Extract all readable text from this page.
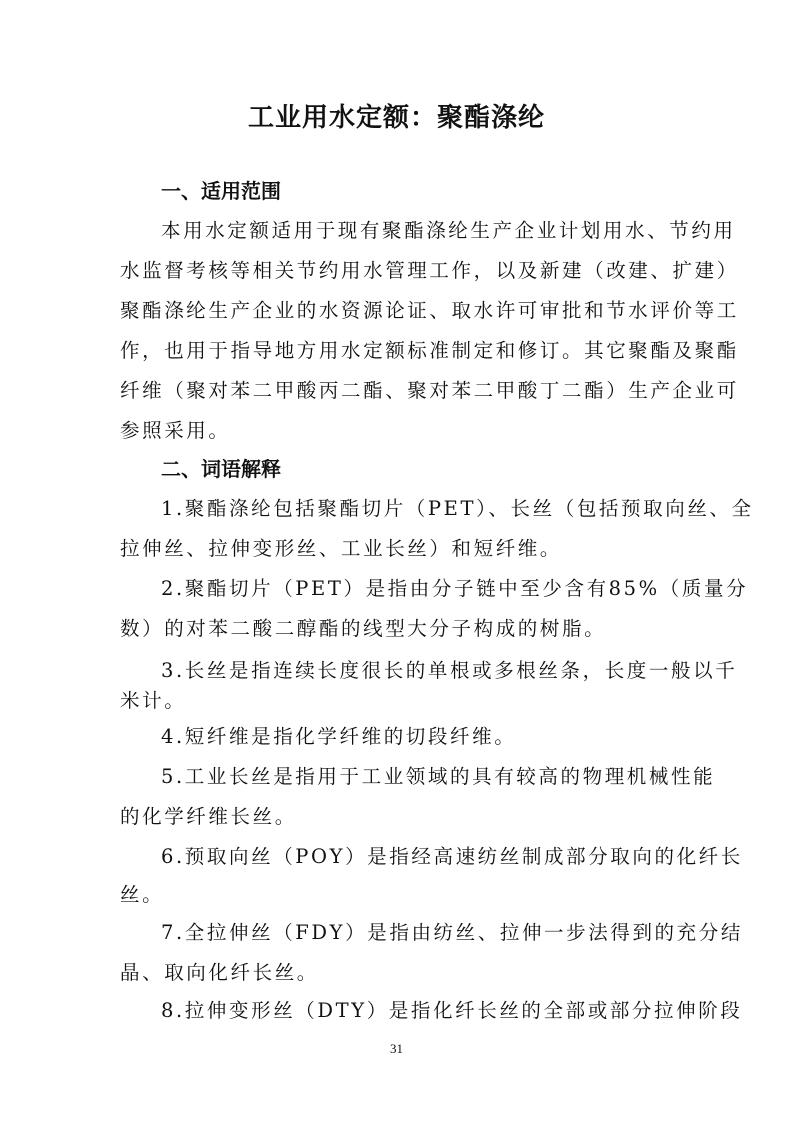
工业用水定额：聚酯涤纶
一、适用范围

本用水定额适用于现有聚酯涤纶生产企业计划用水、节约用

水监督考核等相关节约用水管理工作，以及新建（改建、扩建）

聚酯涤纶生产企业的水资源论证、取水许可审批和节水评价等工

作，也用于指导地方用水定额标准制定和修订。其它聚酯及聚酯

纤维（聚对苯二甲酸丙二酯、聚对苯二甲酸丁二酯）生产企业可

参照采用。

二、词语解释

1.聚酯涤纶包括聚酯切片（PET）、长丝（包括预取向丝、全

拉伸丝、拉伸变形丝、工业长丝）和短纤维。

2.聚酯切片（PET）是指由分子链中至少含有85%（质量分

数）的对苯二酸二醇酯的线型大分子构成的树脂。

3.长丝是指连续长度很长的单根或多根丝条，长度一般以千

米计。

4.短纤维是指化学纤维的切段纤维。

5.工业长丝是指用于工业领域的具有较高的物理机械性能

的化学纤维长丝。

6.预取向丝（POY）是指经高速纺丝制成部分取向的化纤长

丝。

7.全拉伸丝（FDY）是指由纺丝、拉伸一步法得到的充分结

晶、取向化纤长丝。

8.拉伸变形丝（DTY）是指化纤长丝的全部或部分拉伸阶段

31
